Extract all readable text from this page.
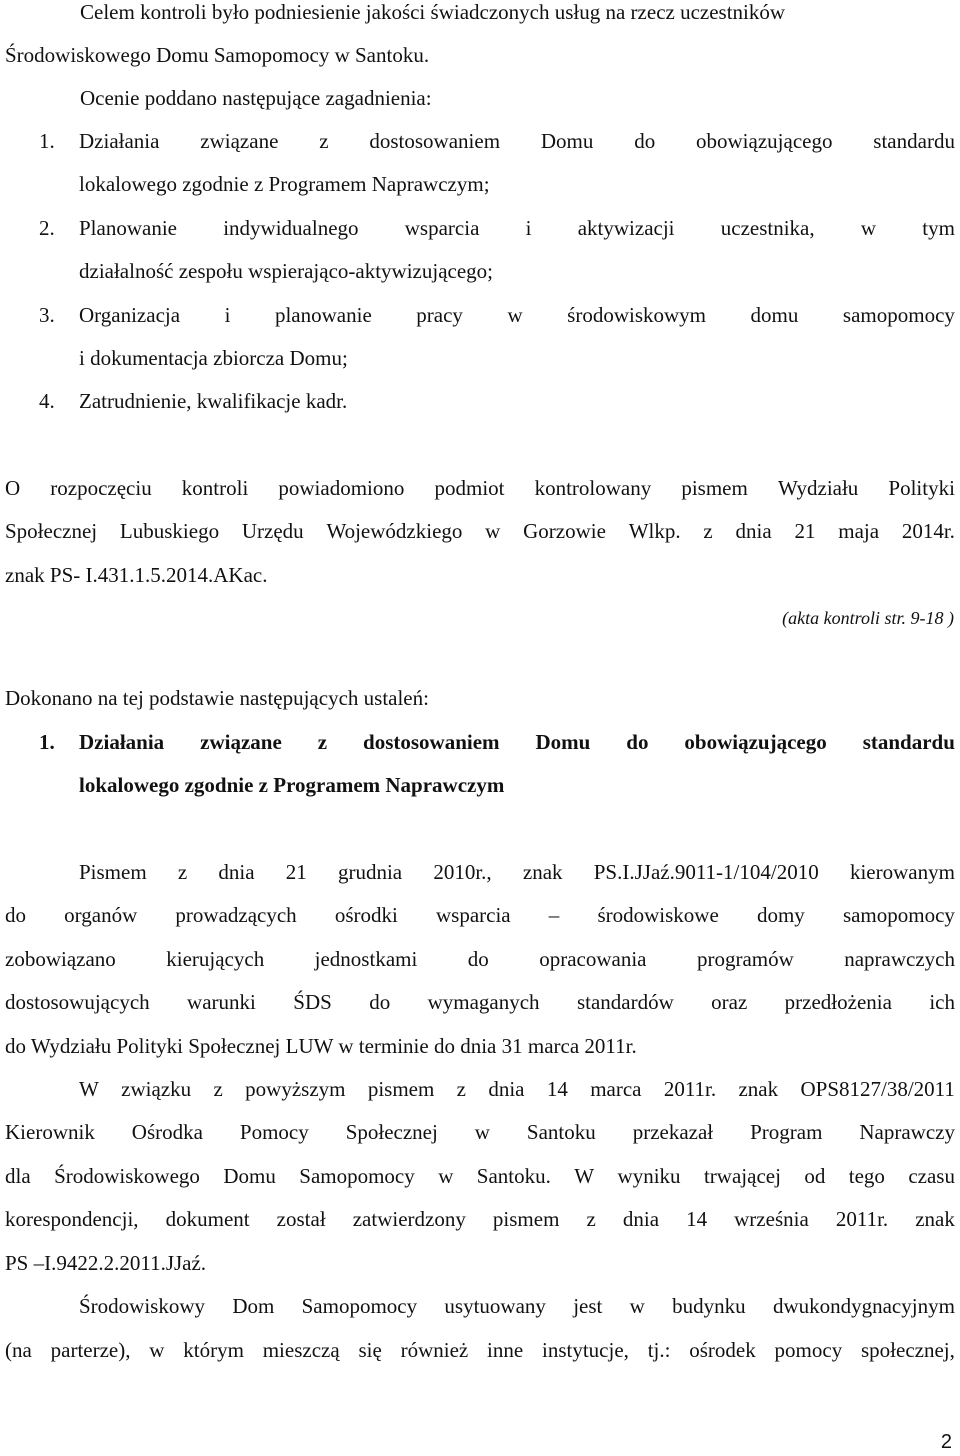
Celem kontroli było podniesienie jakości świadczonych usług na rzecz uczestników
Środowiskowego Domu Samopomocy w Santoku.
Ocenie poddano następujące zagadnienia:
1. Działania związane z dostosowaniem Domu do obowiązującego standardu
lokalowego zgodnie z Programem Naprawczym;
2. Planowanie indywidualnego wsparcia i aktywizacji uczestnika, w tym
działalność zespołu wspierająco-aktywizującego;
3. Organizacja i planowanie pracy w środowiskowym domu samopomocy
i dokumentacja zbiorcza Domu;
4. Zatrudnienie, kwalifikacje kadr.
O rozpoczęciu kontroli powiadomiono podmiot kontrolowany pismem Wydziału Polityki
Społecznej Lubuskiego Urzędu Wojewódzkiego w Gorzowie Wlkp. z dnia 21 maja 2014r.
znak PS- I.431.1.5.2014.AKac.
(akta kontroli str. 9-18 )
Dokonano na tej podstawie następujących ustaleń:
1. Działania związane z dostosowaniem Domu do obowiązującego standardu
lokalowego zgodnie z Programem Naprawczym
Pismem z dnia 21 grudnia 2010r., znak PS.I.JJaź.9011-1/104/2010 kierowanym
do organów prowadzących ośrodki wsparcia – środowiskowe domy samopomocy
zobowiązano kierujących jednostkami do opracowania programów naprawczych
dostosowujących warunki ŚDS do wymaganych standardów oraz przedłożenia ich
do Wydziału Polityki Społecznej LUW w terminie do dnia 31 marca 2011r.
W związku z powyższym pismem z dnia 14 marca 2011r. znak OPS8127/38/2011
Kierownik Ośrodka Pomocy Społecznej w Santoku przekazał Program Naprawczy
dla Środowiskowego Domu Samopomocy w Santoku. W wyniku trwającej od tego czasu
korespondencji, dokument został zatwierdzony pismem z dnia 14 września 2011r. znak
PS –I.9422.2.2011.JJaź.
Środowiskowy Dom Samopomocy usytuowany jest w budynku dwukondygnacyjnym
(na parterze), w którym mieszczą się również inne instytucje, tj.: ośrodek pomocy społecznej,
2
